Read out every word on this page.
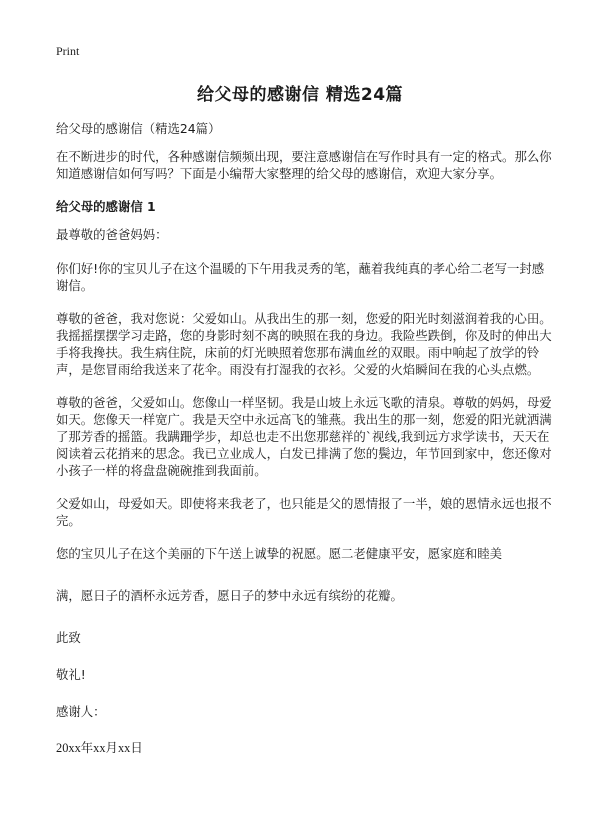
Print
给父母的感谢信 精选24篇

给父母的感谢信（精选24篇）

在不断进步的时代，各种感谢信频频出现，要注意感谢信在写作时具有一定的格式。那么你知道感谢信如何写吗？下面是小编帮大家整理的给父母的感谢信，欢迎大家分享。

给父母的感谢信 1

最尊敬的爸爸妈妈：

你们好!你的宝贝儿子在这个温暖的下午用我灵秀的笔，蘸着我纯真的孝心给二老写一封感谢信。

尊敬的爸爸，我对您说：父爱如山。从我出生的那一刻，您爱的阳光时刻滋润着我的心田。我摇摇摆摆学习走路，您的身影时刻不离的映照在我的身边。我险些跌倒，你及时的伸出大手将我搀扶。我生病住院，床前的灯光映照着您那布满血丝的双眼。雨中响起了放学的铃声，是您冒雨给我送来了花伞。雨没有打湿我的衣衫。父爱的火焰瞬间在我的心头点燃。

尊敬的爸爸，父爱如山。您像山一样坚韧。我是山坡上永远飞歌的清泉。尊敬的妈妈，母爱如天。您像天一样宽广。我是天空中永远高飞的雏燕。我出生的那一刻，您爱的阳光就洒满了那芳香的摇篮。我蹒跚学步，却总也走不出您那慈祥的`视线,我到远方求学读书，天天在阅读着云花捎来的思念。我已立业成人，白发已排满了您的鬓边，年节回到家中，您还像对小孩子一样的将盘盘碗碗推到我面前。

父爱如山，母爱如天。即使将来我老了，也只能是父的恩情报了一半，娘的恩情永远也报不完。

您的宝贝儿子在这个美丽的下午送上诚挚的祝愿。愿二老健康平安，愿家庭和睦美

满，愿日子的酒杯永远芳香，愿日子的梦中永远有缤纷的花瓣。

此致

敬礼!

感谢人：

20xx年xx月xx日
